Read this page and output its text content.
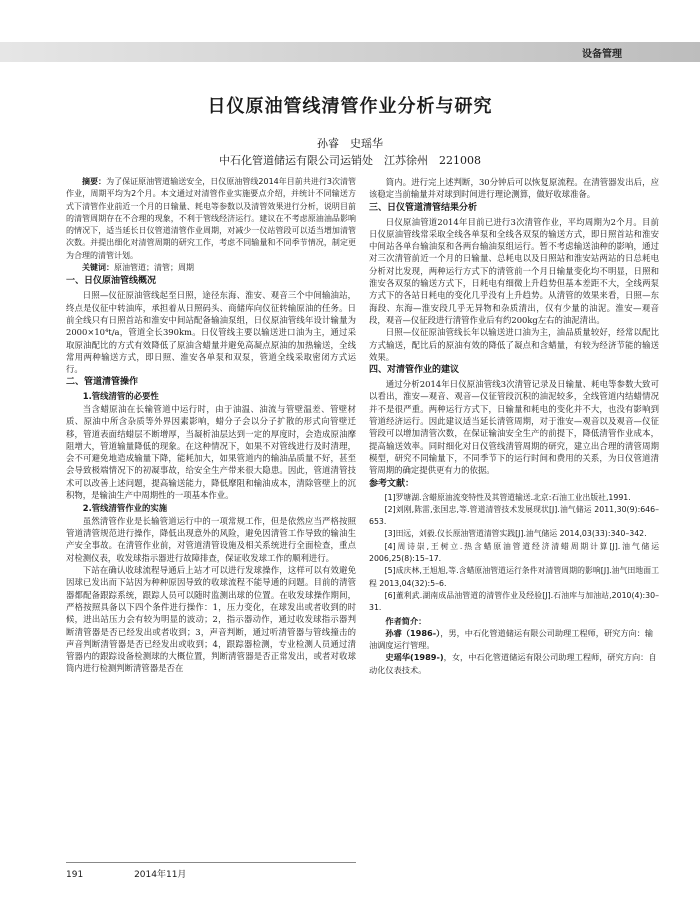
设备管理
日仪原油管线清管作业分析与研究
孙睿　史瑶华
中石化管道储运有限公司运销处　江苏徐州　221008

摘要：为了保证原油管道输送安全，日仪原油管线2014年目前共进行3次清管作业，周期平均为2个月。本文通过对清管作业实施要点介绍，并统计不同输送方式下清管作业前近一个月的日输量、耗电等参数以及清管效果进行分析，说明目前的清管周期存在不合理的现象，不利于管线经济运行。建议在不考虑原油油品影响的情况下，适当延长日仪管道清管作业周期，对减少一仪站管段可以适当增加清管次数。并提出细化对清管周期的研究工作，考虑不同输量和不同季节情况，制定更为合理的清管计划。

关键词：原油管道；清管；周期

一、日仪原油管线概况

日照—仪征原油管线起至日照，途径东海、淮安、观音三个中间输油站，终点是仪征中转油库，承担着从日照码头、商储库向仪征转输原油的任务。日前全线只有日照首站和淮安中间站配备输油泵组，日仪原油管线年设计输量为2000×10⁴t/a，管道全长390km。日仪管线主要以输送进口油为主，通过采取原油配比的方式有效降低了原油含蜡量并避免高凝点原油的加热输送，全线常用两种输送方式，即日照、淮安各单泵和双泵，管道全线采取密闭方式运行。

二、管道清管操作
1.管线清管的必要性

当含蜡原油在长输管道中运行时，由于油温、油流与管壁温差、管壁材质、原油中所含杂质等外界因素影响，蜡分子会以分子扩散的形式向管壁迁移，管道表面结蜡层不断增厚，当凝析油层达到一定的厚度时，会造成原油摩阻增大，管道输量降低的现象。在这种情况下，如果不对管线进行及时清理，会不可避免地造成输量下降，能耗加大，如果管道内的输油品质量不好，甚至会导致极端情况下的初凝事故，给安全生产带来很大隐患。因此，管道清管技术可以改善上述问题，提高输送能力，降低摩阻和输油成本，清除管壁上的沉积物，是输油生产中周期性的一项基本作业。

2.管线清管作业的实施

虽然清管作业是长输管道运行中的一项常规工作，但是依然应当严格按照管道清管规范进行操作，降低出现意外的风险，避免因清管工作导致的输油生产安全事故。在清管作业前，对管道清管设施及相关系统进行全面检查，重点对检测仪表，收发球指示器进行故障排查，保证收发球工作的顺利进行。

下站在确认收球流程导通后上站才可以进行发球操作，这样可以有效避免因球已发出而下站因为种种原因导致的收球流程不能导通的问题。目前的清管器都配备跟踪系统，跟踪人员可以随时监测出球的位置。在收发球操作期间，严格按照具备以下四个条件进行操作：1，压力变化，在球发出或者收到的时候，进出站压力会有较为明显的波动；2，指示器动作，通过收发球指示器判断清管器是否已经发出或者收到；3，声音判断，通过听清管器与管线撞击的声音判断清管器是否已经发出或收到；4，跟踪器检测，专业检测人员通过清管器内的跟踪设备检测球的大概位置，判断清管器是否正常发出，或者对收球筒内进行检测判断清管器是否在

筒内。进行完上述判断，30分钟后可以恢复原流程。在清管器发出后，应该稳定当前输量并对球到时间进行理论测算，做好收球准备。

三、日仪管道清管结果分析

日仪原油管道2014年目前已进行3次清管作业，平均周期为2个月。目前日仪原油管线常采取全线各单泵和全线各双泵的输送方式，即日照首站和淮安中间站各单台输油泵和各两台输油泵组运行。暂不考虑输送油种的影响，通过对三次清管前近一个月的日输量、总耗电以及日照站和淮安站两站的日总耗电分析对比发现，两种运行方式下的清管前一个月日输量变化均不明显，日照和淮安各双泵的输送方式下，日耗电有细微上升趋势但基本差距不大，全线两泵方式下的各站日耗电的变化几乎没有上升趋势。从清管的效果来看，日照—东海段、东海—淮安段几乎无异物和杂质清出，仅有少量的油泥。淮安—观音段，观音—仪征段进行清管作业后有约200kg左右的油泥清出。

日照—仪征原油管线长年以输送进口油为主，油品质量较好，经常以配比方式输送，配比后的原油有效的降低了凝点和含蜡量，有较为经济节能的输送效果。

四、对清管作业的建议

通过分析2014年日仪原油管线3次清管记录及日输量、耗电等参数大致可以看出，淮安—观音、观音—仪征管段沉积的油泥较多，全线管道内结蜡情况并不是很严重。两种运行方式下，日输量和耗电的变化并不大，也没有影响到管道经济运行。因此建议适当延长清管周期，对于淮安—观音以及观音—仪征管段可以增加清管次数，在保证输油安全生产的前提下，降低清管作业成本，提高输送效率。同时细化对日仪管线清管周期的研究，建立出合理的清管周期模型，研究不同输量下，不同季节下的运行时间和费用的关系，为日仪管道清管周期的确定提供更有力的依据。

参考文献：
[1]罗塘湖.含蜡原油流变特性及其管道输送.北京:石油工业出版社,1991.
[2]刘刚,陈雷,张国忠,等.管道清管技术发展现状[J].油气储运 2011,30(9):646–653.
[3]田远，刘毅.仪长原油管道清管实践[J].油气储运 2014,03(33):340–342.
[4]周诗崇,王树立.热含蜡原油管道经济清蜡周期计算[J].油气储运 2006,25(8):15–17.
[5]成庆林,王旭旭,等.含蜡原油管道运行条件对清管周期的影响[J].油气田地面工程 2013,04(32):5–6.
[6]董利武.湖南成品油管道的清管作业及经验[J].石油库与加油站,2010(4):30–31.
作者简介：
孙睿（1986-），男，中石化管道储运有限公司助理工程师，研究方向：输油调度运行管理。
史瑶华(1989-)，女，中石化管道储运有限公司助理工程师，研究方向：自动化仪表技术。
191	2014年11月
